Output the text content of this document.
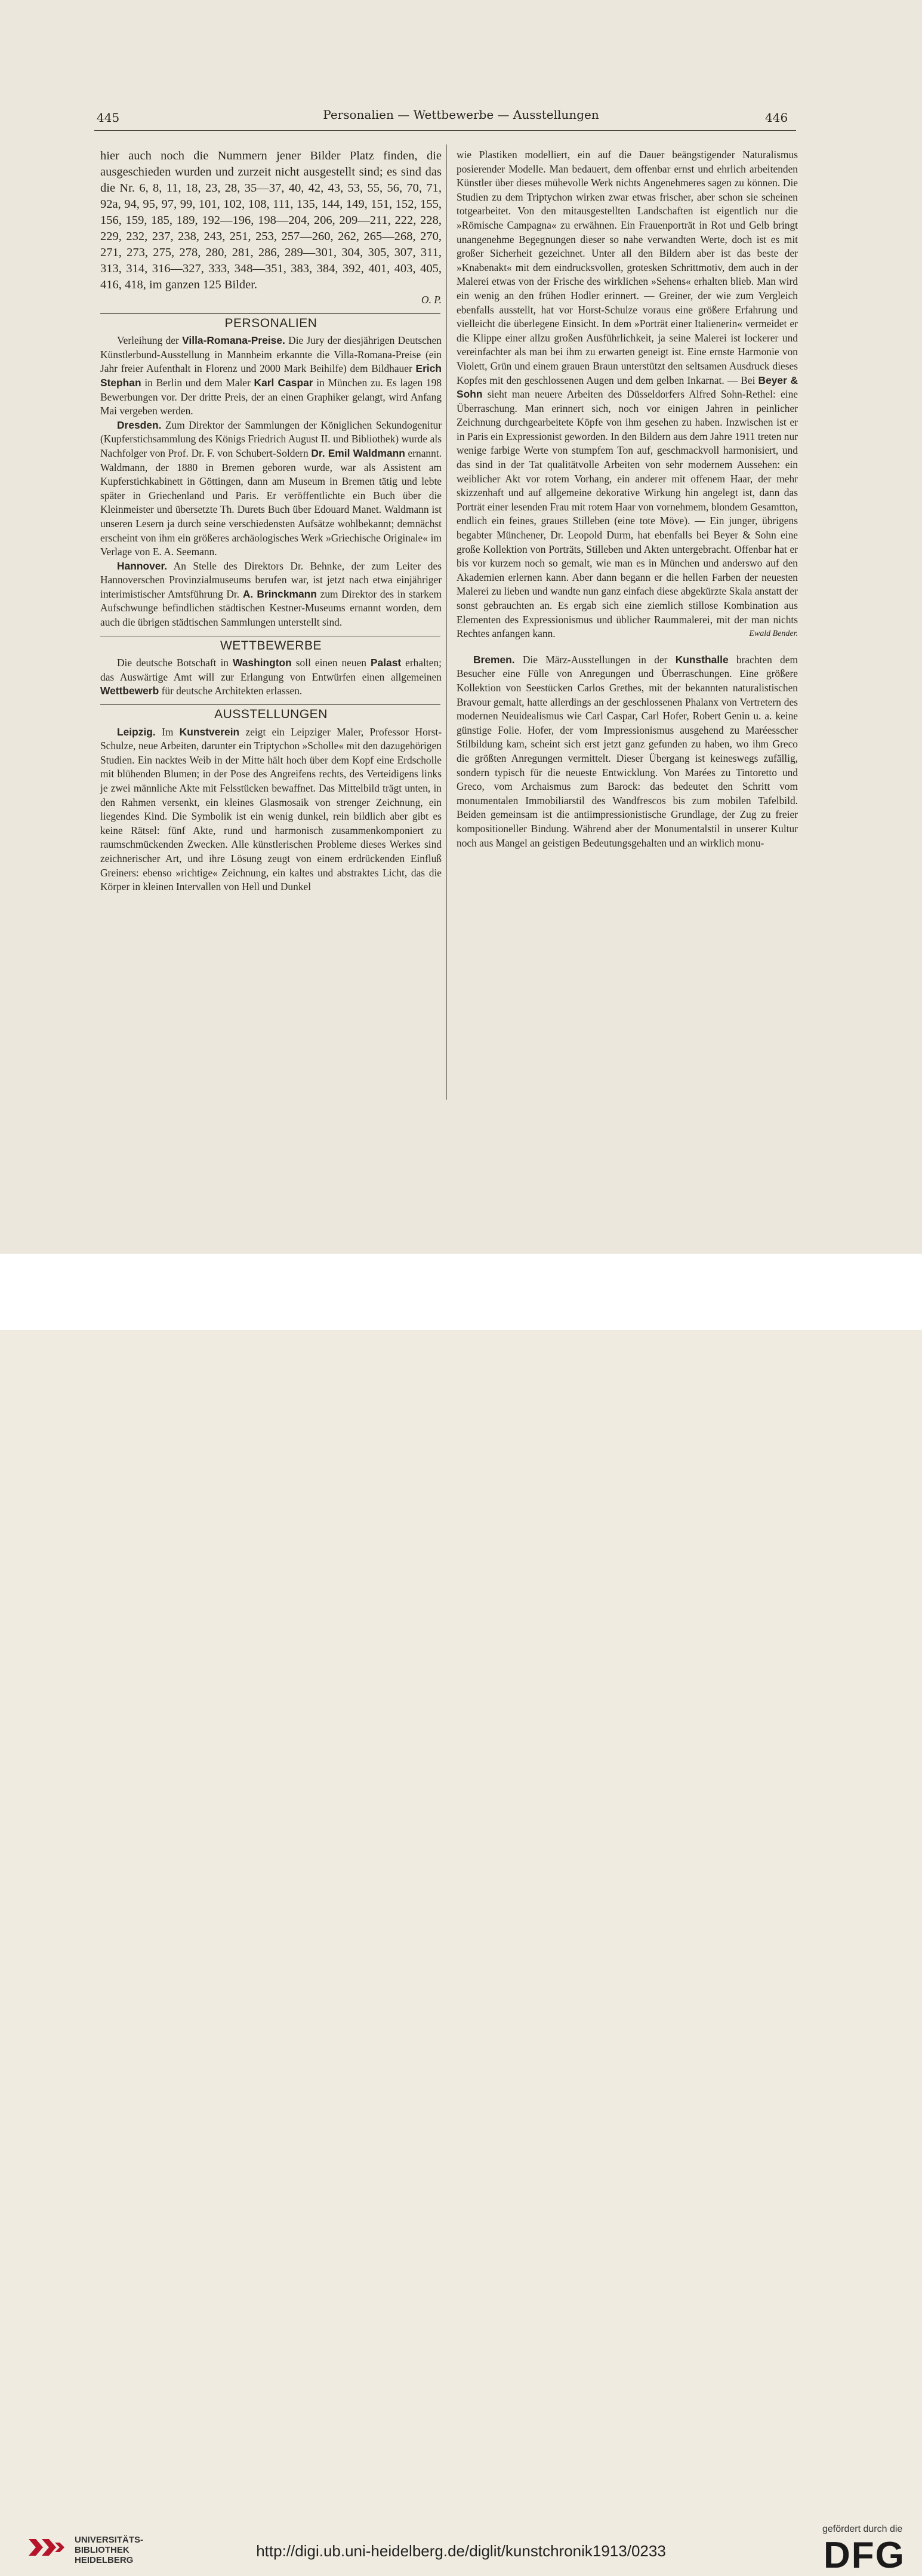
445	Personalien — Wettbewerbe — Ausstellungen	446

hier auch noch die Nummern jener Bilder Platz finden, die ausgeschieden wurden und zurzeit nicht ausgestellt sind; es sind das die Nr. 6, 8, 11, 18, 23, 28, 35—37, 40, 42, 43, 53, 55, 56, 70, 71, 92a, 94, 95, 97, 99, 101, 102, 108, 111, 135, 144, 149, 151, 152, 155, 156, 159, 185, 189, 192—196, 198—204, 206, 209—211, 222, 228, 229, 232, 237, 238, 243, 251, 253, 257—260, 262, 265—268, 270, 271, 273, 275, 278, 280, 281, 286, 289—301, 304, 305, 307, 311, 313, 314, 316—327, 333, 348—351, 383, 384, 392, 401, 403, 405, 416, 418, im ganzen 125 Bilder.

O. P.
PERSONALIEN

Verleihung der Villa-Romana-Preise. Die Jury der diesjährigen Deutschen Künstlerbund-Ausstellung in Mannheim erkannte die Villa-Romana-Preise (ein Jahr freier Aufenthalt in Florenz und 2000 Mark Beihilfe) dem Bildhauer Erich Stephan in Berlin und dem Maler Karl Caspar in München zu. Es lagen 198 Bewerbungen vor. Der dritte Preis, der an einen Graphiker gelangt, wird Anfang Mai vergeben werden.

Dresden. Zum Direktor der Sammlungen der Königlichen Sekundogenitur (Kupferstichsammlung des Königs Friedrich August II. und Bibliothek) wurde als Nachfolger von Prof. Dr. F. von Schubert-Soldern Dr. Emil Waldmann ernannt. Waldmann, der 1880 in Bremen geboren wurde, war als Assistent am Kupferstichkabinett in Göttingen, dann am Museum in Bremen tätig und lebte später in Griechenland und Paris. Er veröffentlichte ein Buch über die Kleinmeister und übersetzte Th. Durets Buch über Edouard Manet. Waldmann ist unseren Lesern ja durch seine verschiedensten Aufsätze wohlbekannt; demnächst erscheint von ihm ein größeres archäologisches Werk »Griechische Originale« im Verlage von E. A. Seemann.

Hannover. An Stelle des Direktors Dr. Behnke, der zum Leiter des Hannoverschen Provinzialmuseums berufen war, ist jetzt nach etwa einjähriger interimistischer Amtsführung Dr. A. Brinckmann zum Direktor des in starkem Aufschwunge befindlichen städtischen Kestner-Museums ernannt worden, dem auch die übrigen städtischen Sammlungen unterstellt sind.

WETTBEWERBE

Die deutsche Botschaft in Washington soll einen neuen Palast erhalten; das Auswärtige Amt will zur Erlangung von Entwürfen einen allgemeinen Wettbewerb für deutsche Architekten erlassen.

AUSSTELLUNGEN

Leipzig. Im Kunstverein zeigt ein Leipziger Maler, Professor Horst-Schulze, neue Arbeiten, darunter ein Triptychon »Scholle« mit den dazugehörigen Studien. Ein nacktes Weib in der Mitte hält hoch über dem Kopf eine Erdscholle mit blühenden Blumen; in der Pose des Angreifens rechts, des Verteidigens links je zwei männliche Akte mit Felsstücken bewaffnet. Das Mittelbild trägt unten, in den Rahmen versenkt, ein kleines Glasmosaik von strenger Zeichnung, ein liegendes Kind. Die Symbolik ist ein wenig dunkel, rein bildlich aber gibt es keine Rätsel: fünf Akte, rund und harmonisch zusammenkomponiert zu raumschmückenden Zwecken. Alle künstlerischen Probleme dieses Werkes sind zeichnerischer Art, und ihre Lösung zeugt von einem erdrückenden Einfluß Greiners: ebenso »richtige« Zeichnung, ein kaltes und abstraktes Licht, das die Körper in kleinen Intervallen von Hell und Dunkel

wie Plastiken modelliert, ein auf die Dauer beängstigender Naturalismus posierender Modelle. Man bedauert, dem offenbar ernst und ehrlich arbeitenden Künstler über dieses mühevolle Werk nichts Angenehmeres sagen zu können. Die Studien zu dem Triptychon wirken zwar etwas frischer, aber schon sie scheinen totgearbeitet. Von den mitausgestellten Landschaften ist eigentlich nur die »Römische Campagna« zu erwähnen. Ein Frauenporträt in Rot und Gelb bringt unangenehme Begegnungen dieser so nahe verwandten Werte, doch ist es mit großer Sicherheit gezeichnet. Unter all den Bildern aber ist das beste der »Knabenakt« mit dem eindrucksvollen, grotesken Schrittmotiv, dem auch in der Malerei etwas von der Frische des wirklichen »Sehens« erhalten blieb. Man wird ein wenig an den frühen Hodler erinnert. — Greiner, der wie zum Vergleich ebenfalls ausstellt, hat vor Horst-Schulze voraus eine größere Erfahrung und vielleicht die überlegene Einsicht. In dem »Porträt einer Italienerin« vermeidet er die Klippe einer allzu großen Ausführlichkeit, ja seine Malerei ist lockerer und vereinfachter als man bei ihm zu erwarten geneigt ist. Eine ernste Harmonie von Violett, Grün und einem grauen Braun unterstützt den seltsamen Ausdruck dieses Kopfes mit den geschlossenen Augen und dem gelben Inkarnat. — Bei Beyer & Sohn sieht man neuere Arbeiten des Düsseldorfers Alfred Sohn-Rethel: eine Überraschung. Man erinnert sich, noch vor einigen Jahren in peinlicher Zeichnung durchgearbeitete Köpfe von ihm gesehen zu haben. Inzwischen ist er in Paris ein Expressionist geworden. In den Bildern aus dem Jahre 1911 treten nur wenige farbige Werte von stumpfem Ton auf, geschmackvoll harmonisiert, und das sind in der Tat qualitätvolle Arbeiten von sehr modernem Aussehen: ein weiblicher Akt vor rotem Vorhang, ein anderer mit offenem Haar, der mehr skizzenhaft und auf allgemeine dekorative Wirkung hin angelegt ist, dann das Porträt einer lesenden Frau mit rotem Haar von vornehmem, blondem Gesamtton, endlich ein feines, graues Stilleben (eine tote Möve). — Ein junger, übrigens begabter Münchener, Dr. Leopold Durm, hat ebenfalls bei Beyer & Sohn eine große Kollektion von Porträts, Stilleben und Akten untergebracht. Offenbar hat er bis vor kurzem noch so gemalt, wie man es in München und anderswo auf den Akademien erlernen kann. Aber dann begann er die hellen Farben der neuesten Malerei zu lieben und wandte nun ganz einfach diese abgekürzte Skala anstatt der sonst gebrauchten an. Es ergab sich eine ziemlich stillose Kombination aus Elementen des Expressionismus und üblicher Raummalerei, mit der man nichts Rechtes anfangen kann.	Ewald Bender.

Bremen. Die März-Ausstellungen in der Kunsthalle brachten dem Besucher eine Fülle von Anregungen und Überraschungen. Eine größere Kollektion von Seestücken Carlos Grethes, mit der bekannten naturalistischen Bravour gemalt, hatte allerdings an der geschlossenen Phalanx von Vertretern des modernen Neuidealismus wie Carl Caspar, Carl Hofer, Robert Genin u. a. keine günstige Folie. Hofer, der vom Impressionismus ausgehend zu Maréesscher Stilbildung kam, scheint sich erst jetzt ganz gefunden zu haben, wo ihm Greco die größten Anregungen vermittelt. Dieser Übergang ist keineswegs zufällig, sondern typisch für die neueste Entwicklung. Von Marées zu Tintoretto und Greco, vom Archaismus zum Barock: das bedeutet den Schritt vom monumentalen Immobiliarstil des Wandfrescos bis zum mobilen Tafelbild. Beiden gemeinsam ist die antiimpressionistische Grundlage, der Zug zu freier kompositioneller Bindung. Während aber der Monumentalstil in unserer Kultur noch aus Mangel an geistigen Bedeutungsgehalten und an wirklich monu-

UNIVERSITÄTS-
BIBLIOTHEK
HEIDELBERG
http://digi.ub.uni-heidelberg.de/diglit/kunstchronik1913/0233
gefördert durch die
DFG
